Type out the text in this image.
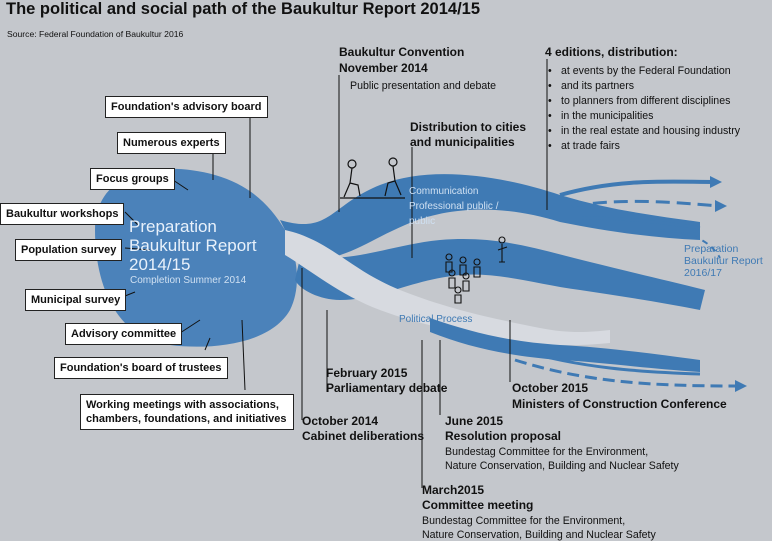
The political and social path of the Baukultur Report 2014/15
Source: Federal Foundation of Baukultur 2016
Foundation's advisory board
Numerous experts
Focus groups
Baukultur workshops
Population survey
Municipal survey
Advisory committee
Foundation's board of trustees
Working meetings with associations, chambers, foundations, and initiatives
Preparation
Baukultur Report
2014/15
Completion Summer 2014
Baukultur Convention
November 2014
Public presentation and debate
Distribution to cities
and municipalities
4 editions, distribution:
• at events by the Federal Foundation
• and its partners
• to planners from different disciplines
• in the municipalities
• in the real estate and housing industry
• at trade fairs
Communication
Professional public /
public
Political Process
Preparation
Baukultur Report
2016/17
February 2015
Parliamentary debate
October 2014
Cabinet deliberations
June 2015
Resolution proposal
Bundestag Committee for the Environment,
Nature Conservation, Building and Nuclear Safety
October 2015
Ministers of Construction Conference
March2015
Committee meeting
Bundestag Committee for the Environment,
Nature Conservation, Building and Nuclear Safety
